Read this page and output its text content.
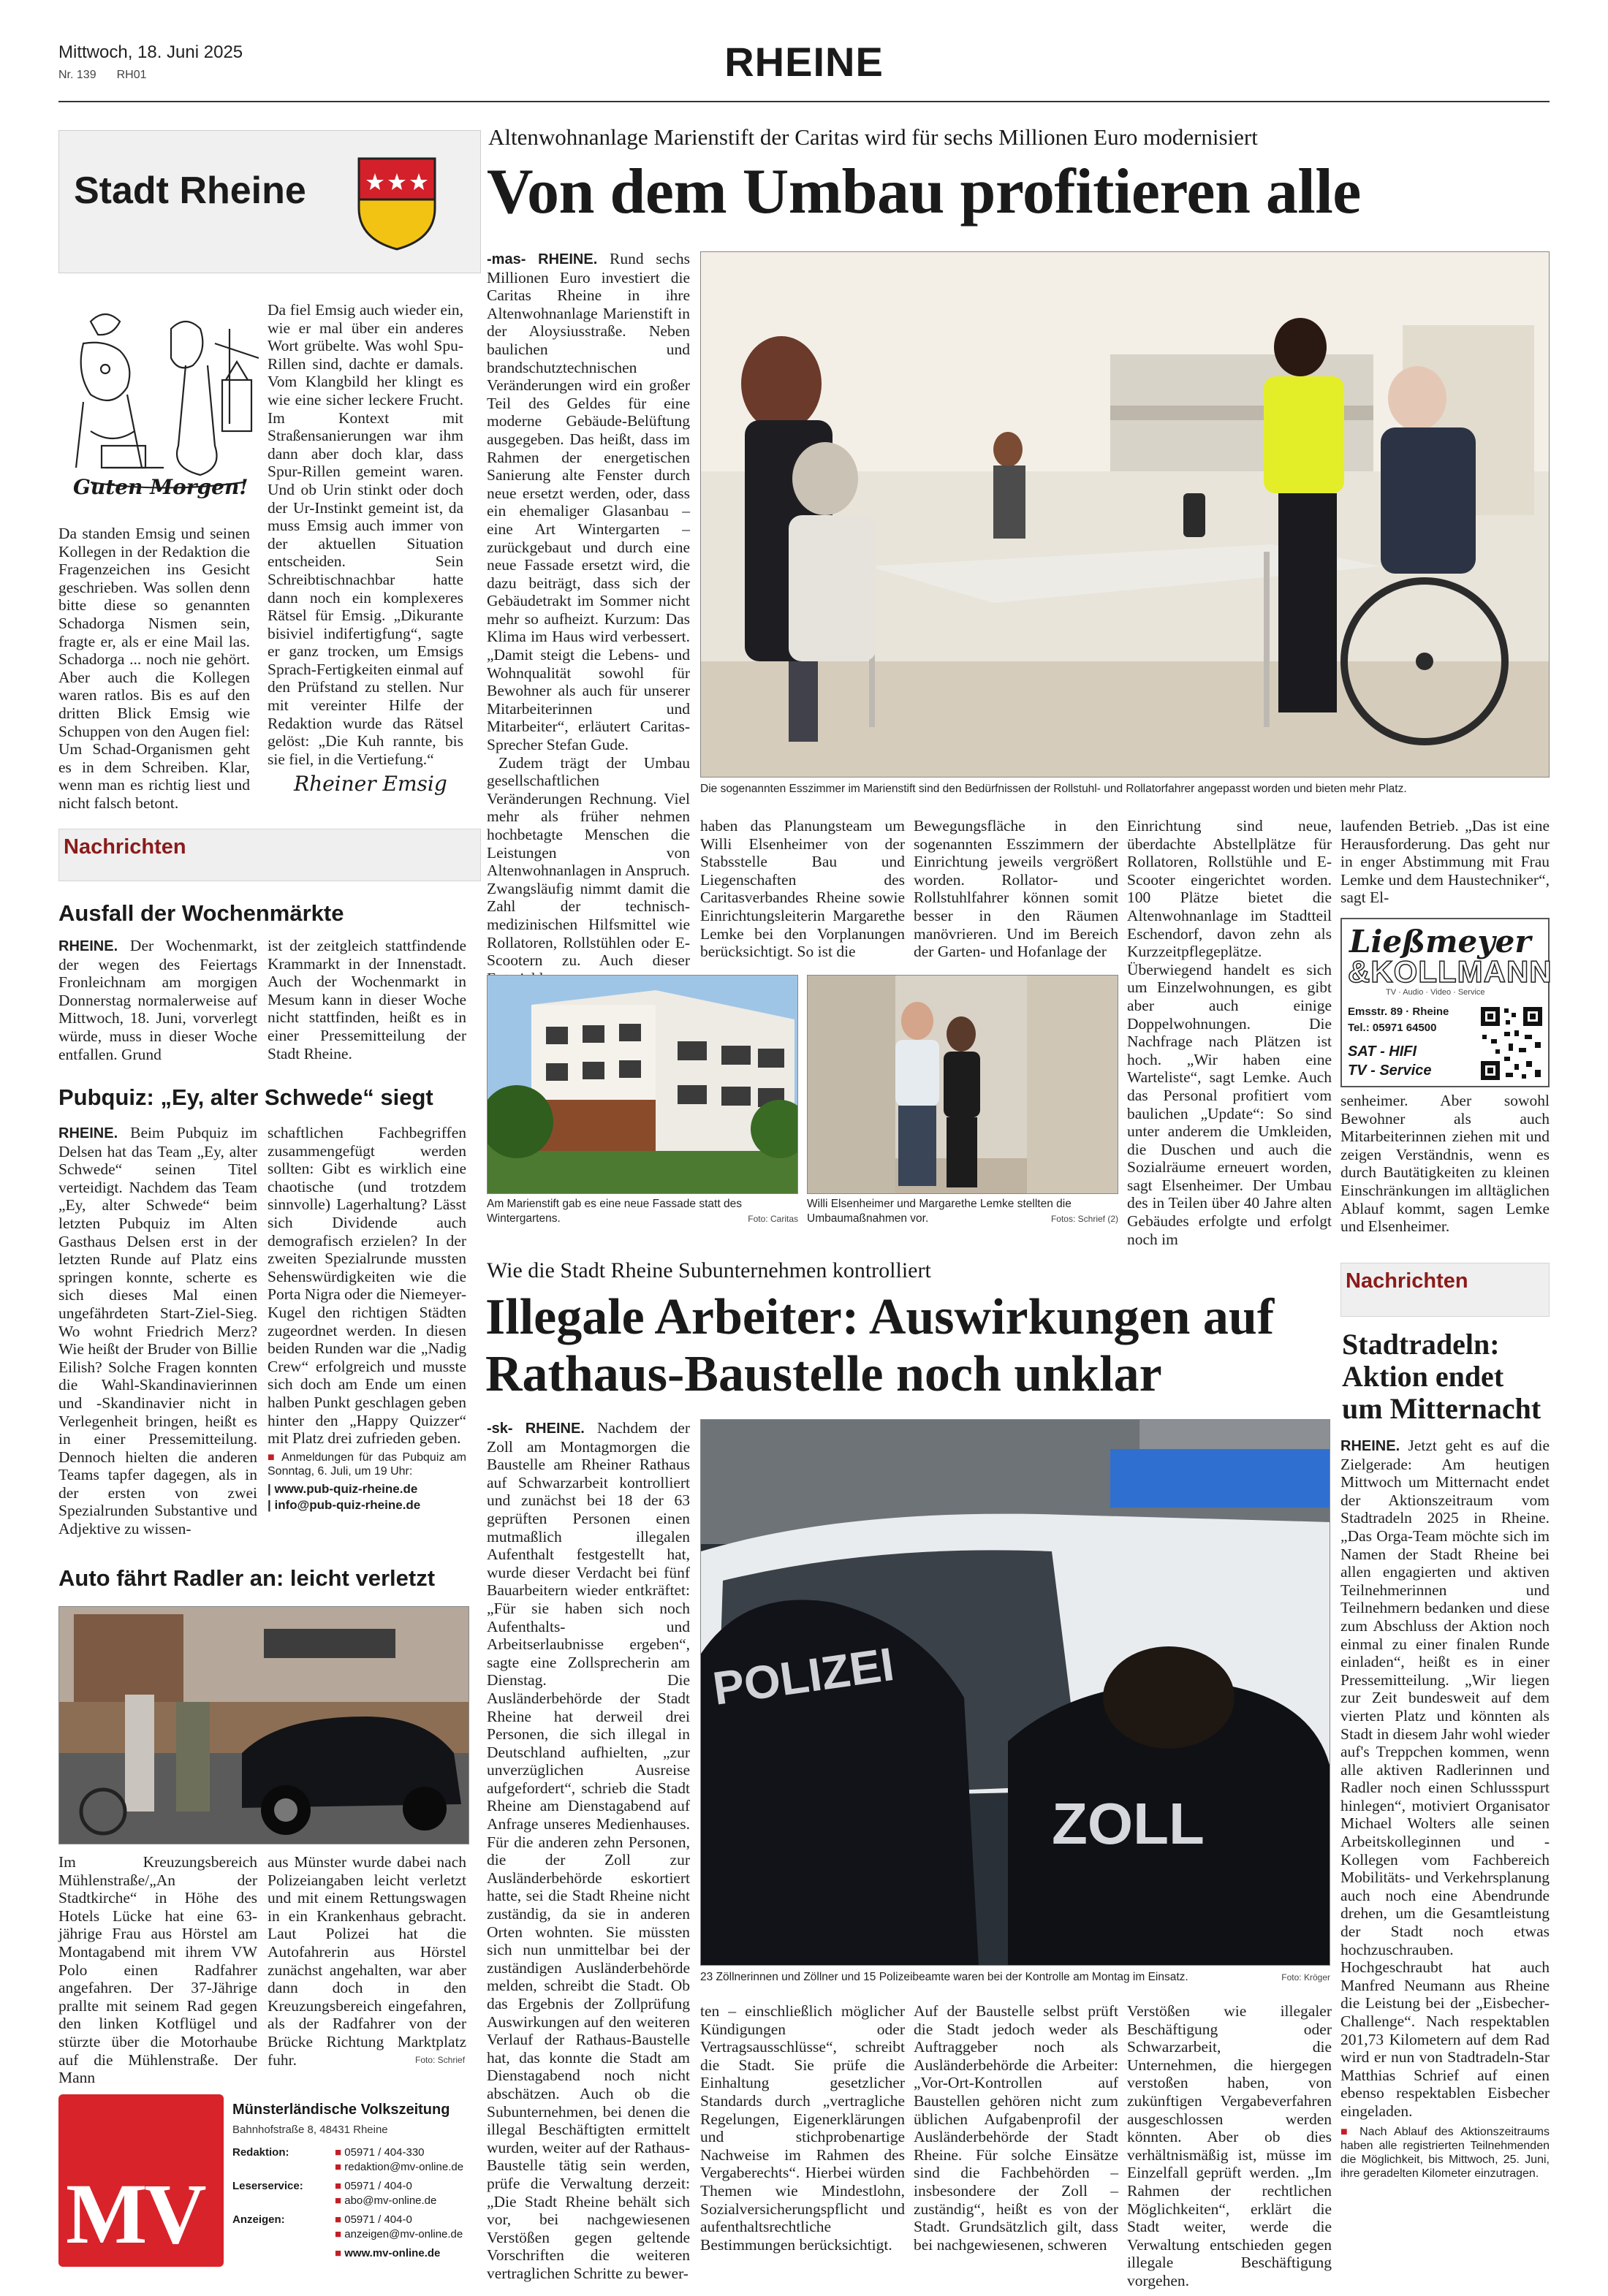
Mittwoch, 18. Juni 2025
Nr. 139 RH01	RHEINE
Stadt Rheine
Guten Morgen!

Da standen Emsig und seinen Kollegen in der Redaktion die Fragenzeichen ins Gesicht geschrieben. Was sollen denn bitte diese so genannten Schadorga Nismen sein, fragte er, als er eine Mail las. Schadorga ... noch nie gehört. Aber auch die Kollegen waren ratlos. Bis es auf den dritten Blick Emsig wie Schuppen von den Augen fiel: Um Schad-Organismen geht es in dem Schreiben. Klar, wenn man es richtig liest und nicht falsch betont.

Da fiel Emsig auch wieder ein, wie er mal über ein anderes Wort grübelte. Was wohl Spu-Rillen sind, dachte er damals. Vom Klangbild her klingt es wie eine sicher leckere Frucht. Im Kontext mit Straßensanierungen war ihm dann aber doch klar, dass Spur-Rillen gemeint waren. Und ob Urin stinkt oder doch der Ur-Instinkt gemeint ist, da muss Emsig auch immer von der aktuellen Situation entscheiden. Sein Schreibtischnachbar hatte dann noch ein komplexeres Rätsel für Emsig. „Dikurante bisiviel indifertigfung“, sagte er ganz trocken, um Emsigs Sprach-Fertigkeiten einmal auf den Prüfstand zu stellen. Nur mit vereinter Hilfe der Redaktion wurde das Rätsel gelöst: „Die Kuh rannte, bis sie fiel, in die Vertiefung.“

Rheiner Emsig
Nachrichten
Ausfall der Wochenmärkte

RHEINE. Der Wochenmarkt, der wegen des Feiertags Fronleichnam am morgigen Donnerstag normalerweise auf Mittwoch, 18. Juni, vorverlegt würde, muss in dieser Woche entfallen. Grund

ist der zeitgleich stattfindende Krammarkt in der Innenstadt. Auch der Wochenmarkt in Mesum kann in dieser Woche nicht stattfinden, heißt es in einer Pressemitteilung der Stadt Rheine.

Pubquiz: „Ey, alter Schwede“ siegt

RHEINE. Beim Pubquiz im Delsen hat das Team „Ey, alter Schwede“ seinen Titel verteidigt. Nachdem das Team „Ey, alter Schwede“ beim letzten Pubquiz im Alten Gasthaus Delsen erst in der letzten Runde auf Platz eins springen konnte, scherte es sich dieses Mal einen ungefährdeten Start-Ziel-Sieg. Wo wohnt Friedrich Merz? Wie heißt der Bruder von Billie Eilish? Solche Fragen konnten die Wahl-Skandinavierinnen und -Skandinavier nicht in Verlegenheit bringen, heißt es in einer Pressemitteilung. Dennoch hielten die anderen Teams tapfer dagegen, als in der ersten von zwei Spezialrunden Substantive und Adjektive zu wissen-

schaftlichen Fachbegriffen zusammengefügt werden sollten: Gibt es wirklich eine chaotische (und trotzdem sinnvolle) Lagerhaltung? Lässt sich Dividende auch demografisch erzielen? In der zweiten Spezialrunde mussten Sehenswürdigkeiten wie die Porta Nigra oder die Niemeyer-Kugel den richtigen Städten zugeordnet werden. In diesen beiden Runden war die „Nadig Crew“ erfolgreich und musste sich doch am Ende um einen halben Punkt geschlagen geben hinter den „Happy Quizzer“ mit Platz drei zufrieden geben.

■ Anmeldungen für das Pubquiz am Sonntag, 6. Juli, um 19 Uhr:

| www.pub-quiz-rheine.de

| info@pub-quiz-rheine.de

Auto fährt Radler an: leicht verletzt

Im Kreuzungsbereich Mühlenstraße/„An der Stadtkirche“ in Höhe des Hotels Lücke hat eine 63-jährige Frau aus Hörstel am Montagabend mit ihrem VW Polo einen Radfahrer angefahren. Der 37-Jährige prallte mit seinem Rad gegen den linken Kotflügel und stürzte über die Motorhaube auf die Mühlenstraße. Der Mann

aus Münster wurde dabei nach Polizeiangaben leicht verletzt und mit einem Rettungswagen in ein Krankenhaus gebracht. Laut Polizei hat die Autofahrerin aus Hörstel zunächst angehalten, war aber dann doch in den Kreuzungsbereich eingefahren, als der Radfahrer von der Brücke Richtung Marktplatz fuhr.	Foto: Schrief
MV
Münsterländische Volkszeitung
Bahnhofstraße 8, 48431 Rheine
Redaktion:	■ 05971 / 404-330
■ redaktion@mv-online.de
Leserservice:	■ 05971 / 404-0
■ abo@mv-online.de
Anzeigen:	■ 05971 / 404-0
■ anzeigen@mv-online.de
■ www.mv-online.de
Altenwohnanlage Marienstift der Caritas wird für sechs Millionen Euro modernisiert
Von dem Umbau profitieren alle

-mas- RHEINE. Rund sechs Millionen Euro investiert die Caritas Rheine in ihre Altenwohnanlage Marienstift in der Aloysiusstraße. Neben baulichen und brandschutztechnischen Veränderungen wird ein großer Teil des Geldes für eine moderne Gebäude-Belüftung ausgegeben. Das heißt, dass im Rahmen der energetischen Sanierung alte Fenster durch neue ersetzt werden, oder, dass ein ehemaliger Glasanbau – eine Art Wintergarten – zurückgebaut und durch eine neue Fassade ersetzt wird, die dazu beiträgt, dass sich der Gebäudetrakt im Sommer nicht mehr so aufheizt. Kurzum: Das Klima im Haus wird verbessert. „Damit steigt die Lebens- und Wohnqualität sowohl für Bewohner als auch für unserer Mitarbeiterinnen und Mitarbeiter“, erläutert Caritas-Sprecher Stefan Gude.

Zudem trägt der Umbau gesellschaftlichen Veränderungen Rechnung. Viel mehr als früher nehmen hochbetagte Menschen die Leistungen von Altenwohnanlagen in Anspruch. Zwangsläufig nimmt damit die Zahl der technisch-medizinischen Hilfsmittel wie Rollatoren, Rollstühlen oder E-Scootern zu. Auch dieser

Die sogenannten Esszimmer im Marienstift sind den Bedürfnissen der Rollstuhl- und Rollatorfahrer angepasst worden und bieten mehr Platz.

haben das Planungsteam um Willi Elsenheimer von der Stabsstelle Bau und Liegenschaften des Caritasverbandes Rheine sowie Einrichtungsleiterin Margarethe Lemke bei den Vorplanungen berücksichtigt. So ist die

Bewegungsfläche in den sogenannten Esszimmern der Einrichtung jeweils vergrößert worden. Rollator- und Rollstuhlfahrer können somit besser in den Räumen manövrieren. Und im Bereich der Garten- und Hofanlage der

Einrichtung sind neue, überdachte Abstellplätze für Rollatoren, Rollstühle und E-Scooter eingerichtet worden. 100 Plätze bietet die Altenwohnanlage im Stadtteil Eschendorf, davon zehn als Kurzzeitpflegeplätze. Überwiegend handelt es sich um Einzelwohnungen, es gibt aber auch einige Doppelwohnungen. Die Nachfrage nach Plätzen ist hoch. „Wir haben eine Warteliste“, sagt Lemke. Auch das Personal profitiert vom baulichen „Update“: So sind unter anderem die Umkleiden, die Duschen und auch die Sozialräume erneuert worden, sagt Elsenheimer. Der Umbau des in Teilen über 40 Jahre alten Gebäudes erfolgte und erfolgt noch im

laufenden Betrieb. „Das ist eine Herausforderung. Das geht nur in enger Abstimmung mit Frau Lemke und dem Haustechniker“, sagt El-

Ließmeyer
&KOLLMANN
TV · Audio · Video · Service
Emsstr. 89 · Rheine
Tel.: 05971 64500
SAT - HIFI
TV - Service

senheimer. Aber sowohl Bewohner als auch Mitarbeiterinnen ziehen mit und zeigen Verständnis, wenn es durch Bautätigkeiten zu kleinen Einschränkungen im alltäglichen Ablauf kommt, sagen Lemke und Elsenheimer.

Am Marienstift gab es eine neue Fassade statt des Wintergartens.	Foto: Caritas
Willi Elsenheimer und Margarethe Lemke stellten die Umbaumaßnahmen vor.	Fotos: Schrief (2)
Wie die Stadt Rheine Subunternehmen kontrolliert
Illegale Arbeiter: Auswirkungen auf
Rathaus-Baustelle noch unklar

-sk- RHEINE. Nachdem der Zoll am Montagmorgen die Baustelle am Rheiner Rathaus auf Schwarzarbeit kontrolliert und zunächst bei 18 der 63 geprüften Personen einen mutmaßlich illegalen Aufenthalt festgestellt hat, wurde dieser Verdacht bei fünf Bauarbeitern wieder entkräftet: „Für sie haben sich noch Aufenthalts- und Arbeitserlaubnisse ergeben“, sagte eine Zollsprecherin am Dienstag. Die Ausländerbehörde der Stadt Rheine hat derweil drei Personen, die sich illegal in Deutschland aufhielten, „zur unverzüglichen Ausreise aufgefordert“, schrieb die Stadt Rheine am Dienstagabend auf Anfrage unseres Medienhauses. Für die anderen zehn Personen, die der Zoll zur Ausländerbehörde eskortiert hatte, sei die Stadt Rheine nicht zuständig, da sie in anderen Orten wohnten. Sie müssten sich nun unmittelbar bei der zuständigen Ausländerbehörde melden, schreibt die Stadt. Ob das Ergebnis der Zollprüfung Auswirkungen auf den weiteren Verlauf der Rathaus-Baustelle hat, das konnte die Stadt am Dienstagabend noch nicht abschätzen. Auch ob die Subunternehmen, bei denen die illegal Beschäftigten ermittelt wurden, weiter auf der Rathaus-Baustelle tätig sein werden, prüfe die Verwaltung derzeit: „Die Stadt Rheine behält sich vor, bei nachgewiesenen Verstößen gegen geltende Vorschriften die weiteren vertraglichen Schritte zu bewer-

POLIZEI
ZOLL
23 Zöllnerinnen und Zöllner und 15 Polizeibeamte waren bei der Kontrolle am Montag im Einsatz.	Foto: Kröger

ten – einschließlich möglicher Kündigungen oder Vertragsausschlüsse“, schreibt die Stadt. Sie prüfe die Einhaltung gesetzlicher Standards durch „vertragliche Regelungen, Eigenerklärungen und stichprobenartige Nachweise im Rahmen des Vergaberechts“. Hierbei würden Themen wie Mindestlohn, Sozialversicherungspflicht und aufenthaltsrechtliche Bestimmungen berücksichtigt.

Auf der Baustelle selbst prüft die Stadt jedoch weder als Auftraggeber noch als Ausländerbehörde die Arbeiter: „Vor-Ort-Kontrollen auf Baustellen gehören nicht zum üblichen Aufgabenprofil der Ausländerbehörde der Stadt Rheine. Für solche Einsätze sind die Fachbehörden – insbesondere der Zoll – zuständig“, heißt es von der Stadt. Grundsätzlich gilt, dass bei nachgewiesenen, schweren

Verstößen wie illegaler Beschäftigung oder Schwarzarbeit, die Unternehmen, die hiergegen verstoßen haben, von zukünftigen Vergabeverfahren ausgeschlossen werden könnten. Aber ob dies verhältnismäßig ist, müsse im Einzelfall geprüft werden. „Im Rahmen der rechtlichen Möglichkeiten“, erklärt die Stadt weiter, werde die Verwaltung entschieden gegen illegale Beschäftigung vorgehen.

Nachrichten
Stadtradeln:
Aktion endet
um Mitternacht

RHEINE. Jetzt geht es auf die Zielgerade: Am heutigen Mittwoch um Mitternacht endet der Aktionszeitraum vom Stadtradeln 2025 in Rheine. „Das Orga-Team möchte sich im Namen der Stadt Rheine bei allen engagierten und aktiven Teilnehmerinnen und Teilnehmern bedanken und diese zum Abschluss der Aktion noch einmal zu einer finalen Runde einladen“, heißt es in einer Pressemitteilung. „Wir liegen zur Zeit bundesweit auf dem vierten Platz und könnten als Stadt in diesem Jahr wohl wieder auf's Treppchen kommen, wenn alle aktiven Radlerinnen und Radler noch einen Schlussspurt hinlegen“, motiviert Organisator Michael Wolters alle seinen Arbeitskolleginnen und -Kollegen vom Fachbereich Mobilitäts- und Verkehrsplanung auch noch eine Abendrunde drehen, um die Gesamtleistung der Stadt noch etwas hochzuschrauben. Hochgeschraubt hat auch Manfred Neumann aus Rheine die Leistung bei der „Eisbecher-Challenge“. Nach respektablen 201,73 Kilometern auf dem Rad wird er nun von Stadtradeln-Star Matthias Schrief auf einen ebenso respektablen Eisbecher eingeladen.

■ Nach Ablauf des Aktionszeitraums haben alle registrierten Teilnehmenden die Möglichkeit, bis Mittwoch, 25. Juni, ihre geradelten Kilometer einzutragen.
